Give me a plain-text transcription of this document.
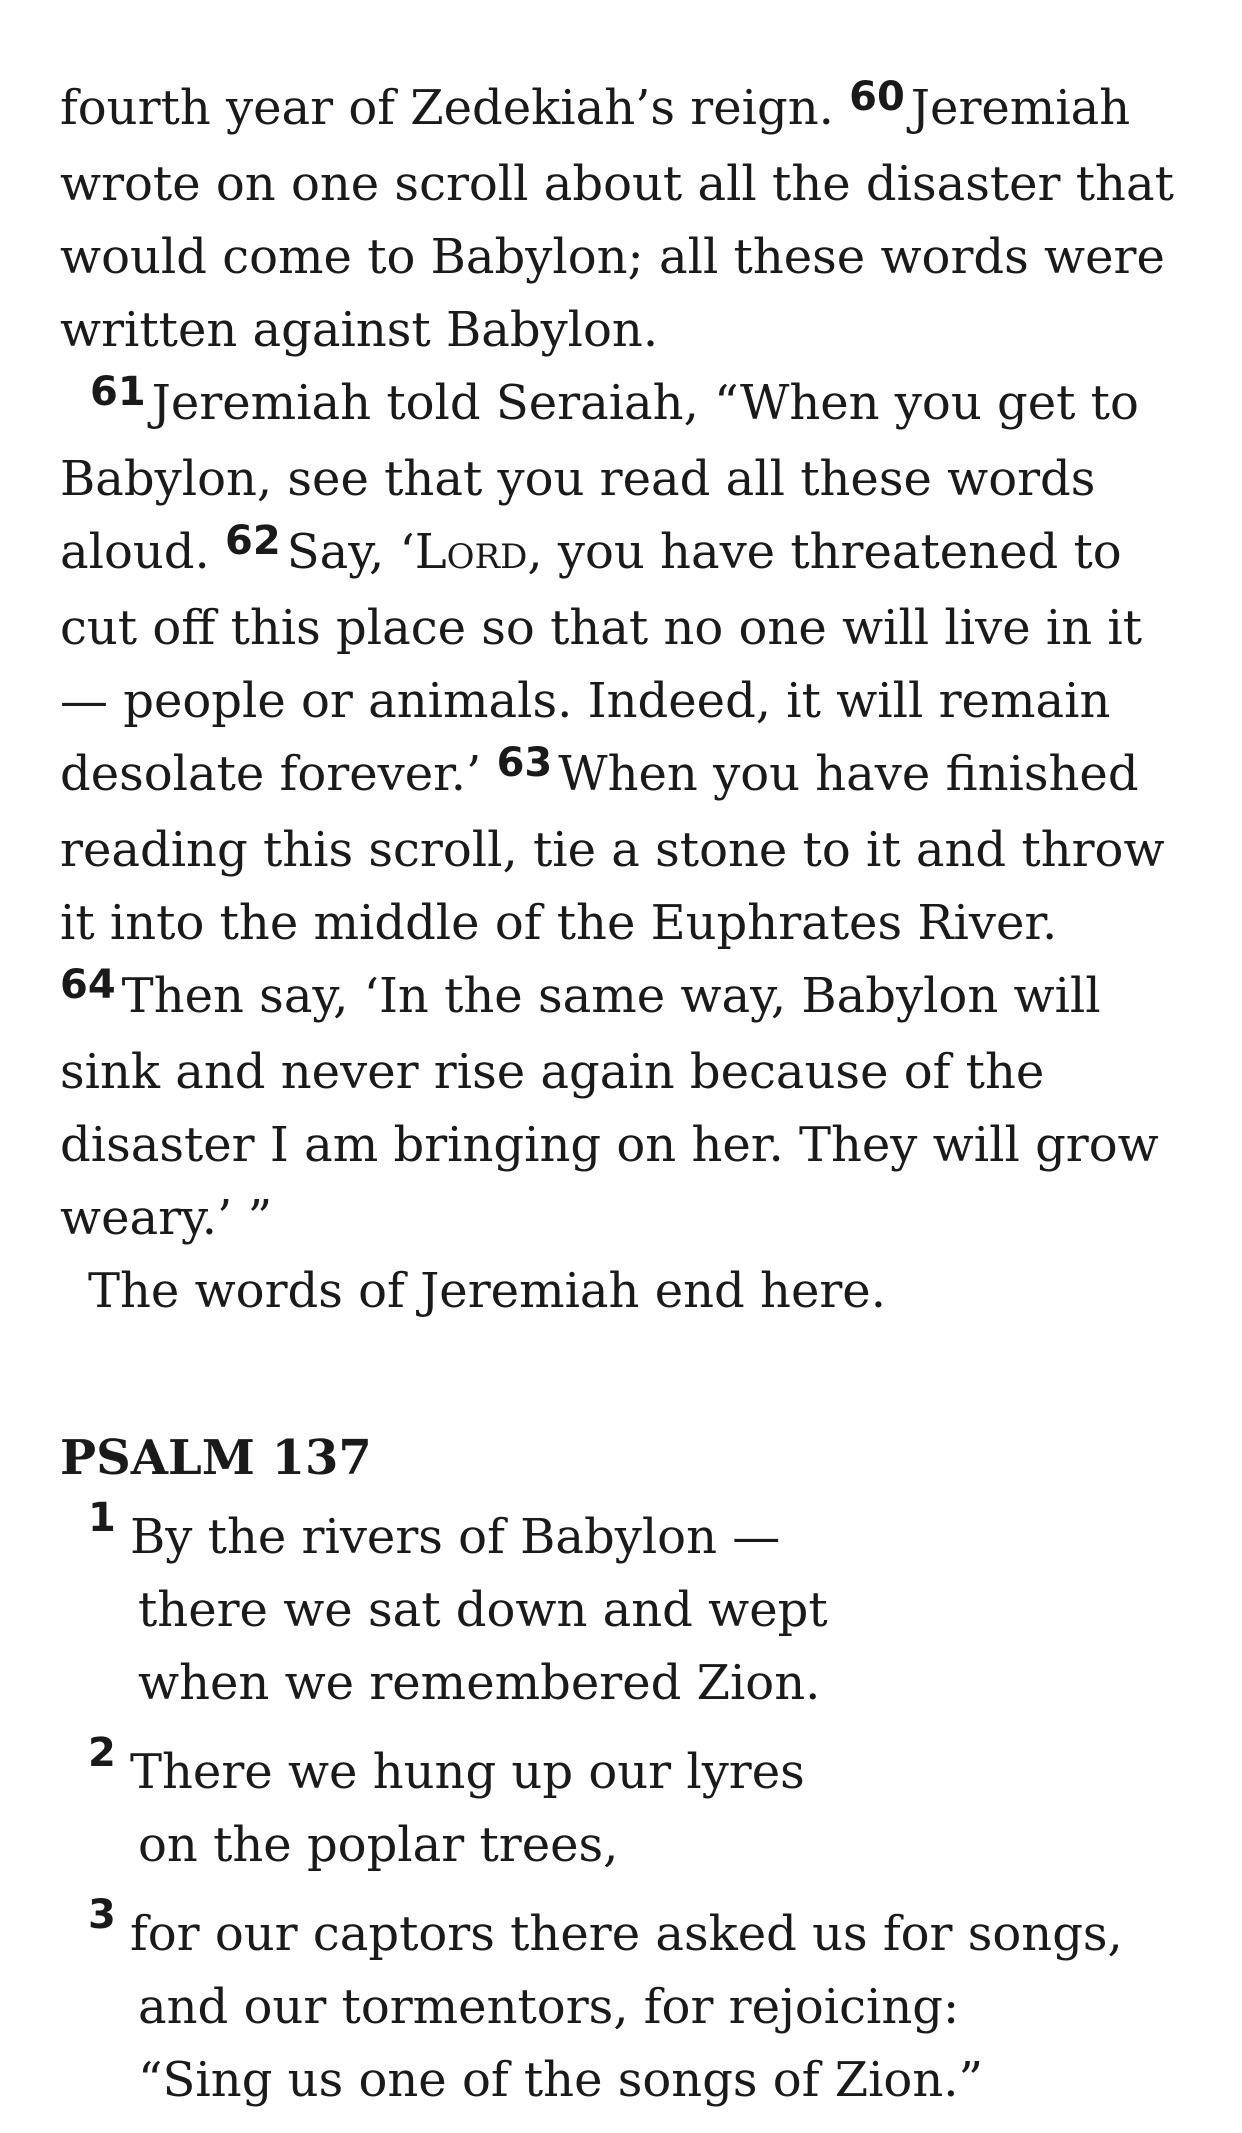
fourth year of Zedekiah’s reign. $^{60}$ Jeremiah wrote on one scroll about all the disaster that would come to Babylon; all these words were written against Babylon.

$^{61}$ Jeremiah told Seraiah, “When you get to Babylon, see that you read all these words aloud. $^{62}$ Say, ‘Lord, you have threatened to cut off this place so that no one will live in it — people or animals. Indeed, it will remain desolate forever.’ $^{63}$ When you have finished reading this scroll, tie a stone to it and throw it into the middle of the Euphrates River. $^{64}$ Then say, ‘In the same way, Babylon will sink and never rise again because of the disaster I am bringing on her. They will grow weary.’ ”

The words of Jeremiah end here.

PSALM 137
1 By the rivers of Babylon —
there we sat down and wept
when we remembered Zion.
2 There we hung up our lyres
on the poplar trees,
3 for our captors there asked us for songs,
and our tormentors, for rejoicing:
“Sing us one of the songs of Zion.”
